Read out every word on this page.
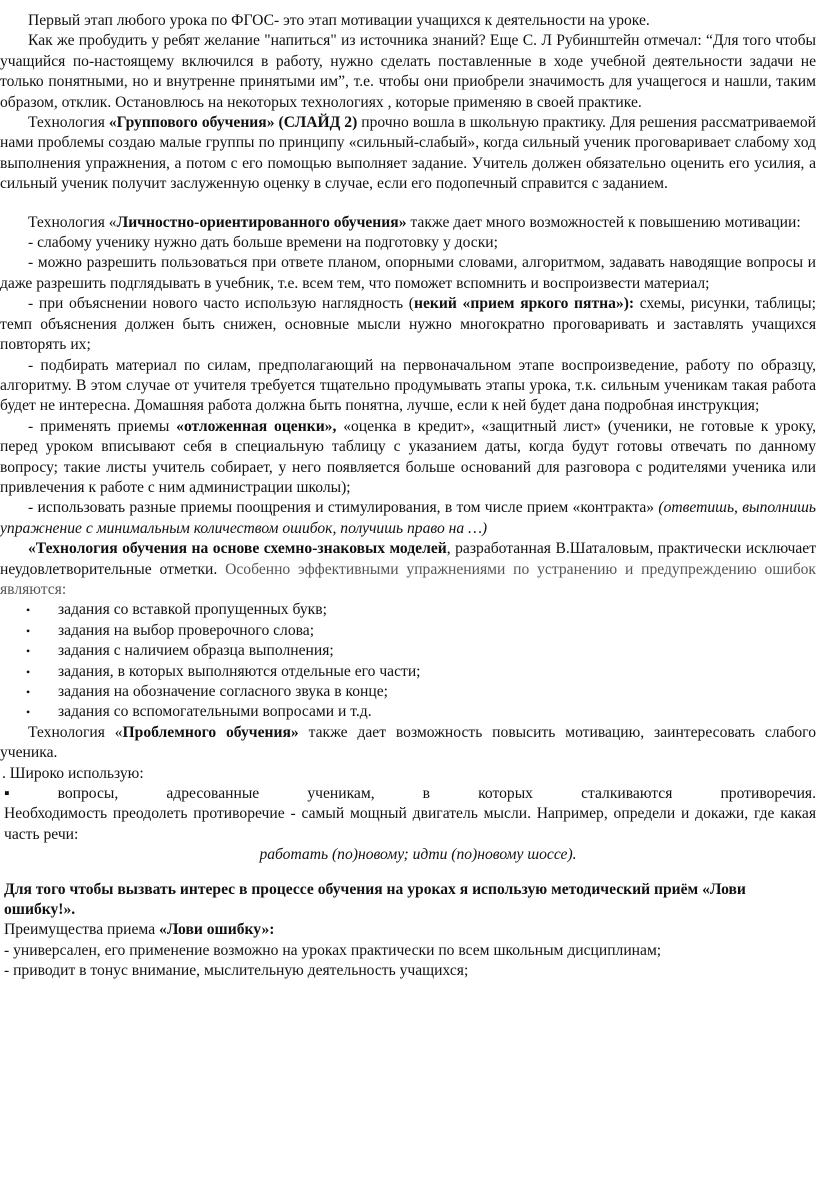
Первый этап любого урока по ФГОС- это этап мотивации учащихся к деятельности на уроке.

Как же пробудить у ребят желание "напиться" из источника знаний? Еще С. Л Рубинштейн отмечал: “Для того чтобы учащийся по-настоящему включился в работу, нужно сделать поставленные в ходе учебной деятельности задачи не только понятными, но и внутренне принятыми им”, т.е. чтобы они приобрели значимость для учащегося и нашли, таким образом, отклик. Остановлюсь на некоторых технологиях , которые применяю в своей практике.

Технология «Группового обучения» (СЛАЙД 2) прочно вошла в школьную практику. Для решения рассматриваемой нами проблемы создаю малые группы по принципу «сильный-слабый», когда сильный ученик проговаривает слабому ход выполнения упражнения, а потом с его помощью выполняет задание. Учитель должен обязательно оценить его усилия, а сильный ученик получит заслуженную оценку в случае, если его подопечный справится с заданием.

Технология «Личностно-ориентированного обучения» также дает много возможностей к повышению мотивации:

- слабому ученику нужно дать больше времени на подготовку у доски;

- можно разрешить пользоваться при ответе планом, опорными словами, алгоритмом, задавать наводящие вопросы и даже разрешить подглядывать в учебник, т.е. всем тем, что поможет вспомнить и воспроизвести материал;

- при объяснении нового часто использую наглядность (некий «прием яркого пятна»): схемы, рисунки, таблицы; темп объяснения должен быть снижен, основные мысли нужно многократно проговаривать и заставлять учащихся повторять их;

- подбирать материал по силам, предполагающий на первоначальном этапе воспроизведение, работу по образцу, алгоритму. В этом случае от учителя требуется тщательно продумывать этапы урока, т.к. сильным ученикам такая работа будет не интересна. Домашняя работа должна быть понятна, лучше, если к ней будет дана подробная инструкция;

- применять приемы «отложенная оценки», «оценка в кредит», «защитный лист» (ученики, не готовые к уроку, перед уроком вписывают себя в специальную таблицу с указанием даты, когда будут готовы отвечать по данному вопросу; такие листы учитель собирает, у него появляется больше оснований для разговора с родителями ученика или привлечения к работе с ним администрации школы);

- использовать разные приемы поощрения и стимулирования, в том числе прием «контракта» (ответишь, выполнишь упражнение с минимальным количеством ошибок, получишь право на …)

«Технология обучения на основе схемно-знаковых моделей, разработанная В.Шаталовым, практически исключает неудовлетворительные отметки. Особенно эффективными упражнениями по устранению и предупреждению ошибок являются:

• задания со вставкой пропущенных букв;
• задания на выбор проверочного слова;
• задания с наличием образца выполнения;
• задания, в которых выполняются отдельные его части;
• задания на обозначение согласного звука в конце;
• задания со вспомогательными вопросами и т.д.

Технология «Проблемного обучения» также дает возможность повысить мотивацию, заинтересовать слабого ученика.

. Широко использую:

▪	вопросы,	адресованные	ученикам,	в	которых	сталкиваются	противоречия.

Необходимость преодолеть противоречие - самый мощный двигатель мысли. Например, определи и докажи, где какая часть речи:

работать (по)новому; идти (по)новому шоссе).

Для того чтобы вызвать интерес в процессе обучения на уроках я использую методический приём «Лови ошибку!».

Преимущества приема «Лови ошибку»:

- универсален, его применение возможно на уроках практически по всем школьным дисциплинам;

- приводит в тонус внимание, мыслительную деятельность учащихся;
